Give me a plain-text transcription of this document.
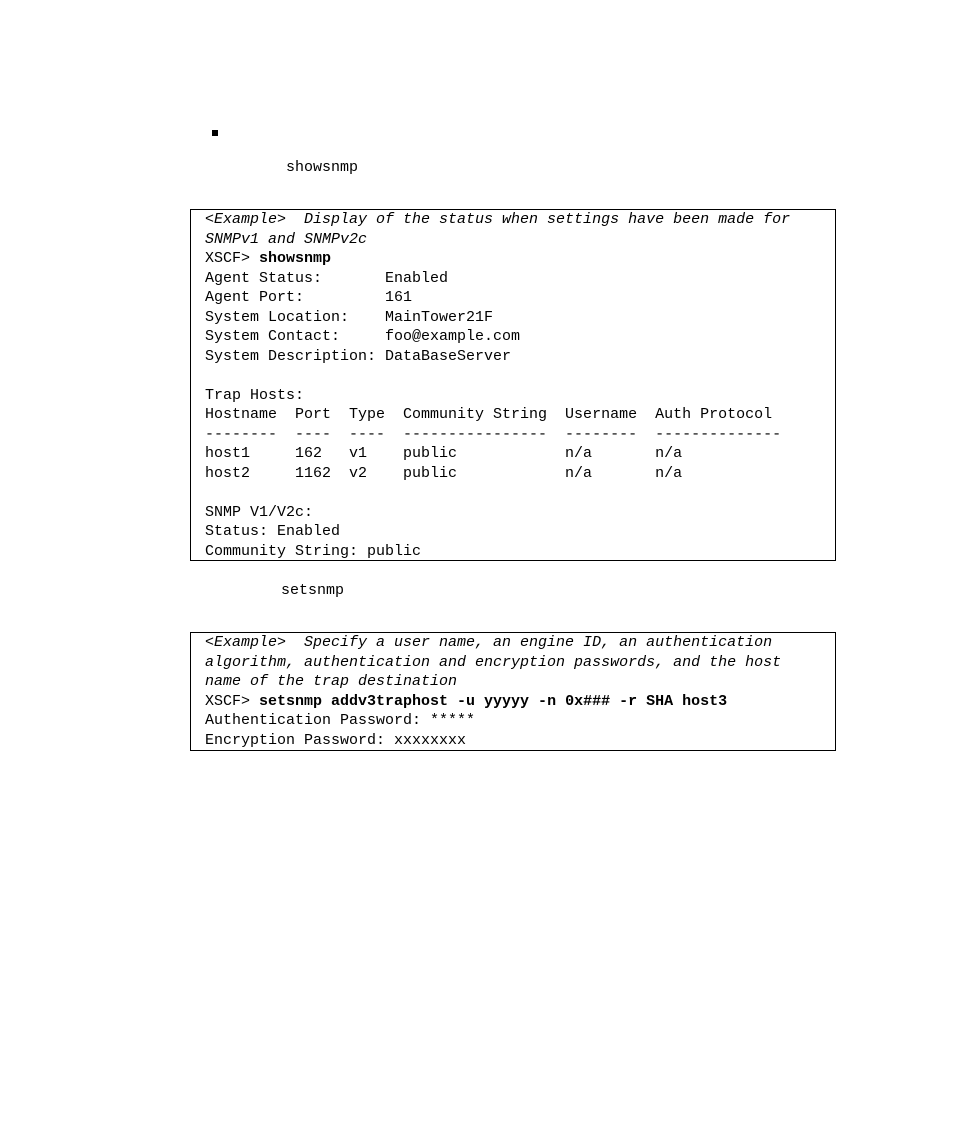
showsnmp
<Example>  Display of the status when settings have been made for
SNMPv1 and SNMPv2c
XSCF> showsnmp
Agent Status:       Enabled
Agent Port:         161
System Location:    MainTower21F
System Contact:     foo@example.com
System Description: DataBaseServer
Trap Hosts:
Hostname  Port  Type  Community String  Username  Auth Protocol
--------  ----  ----  ----------------  --------  --------------
host1     162   v1    public            n/a       n/a
host2     1162  v2    public            n/a       n/a
SNMP V1/V2c:
Status: Enabled
Community String: public
setsnmp
<Example>  Specify a user name, an engine ID, an authentication
algorithm, authentication and encryption passwords, and the host
name of the trap destination
XSCF> setsnmp addv3traphost -u yyyyy -n 0x### -r SHA host3
Authentication Password: *****
Encryption Password: xxxxxxxx
